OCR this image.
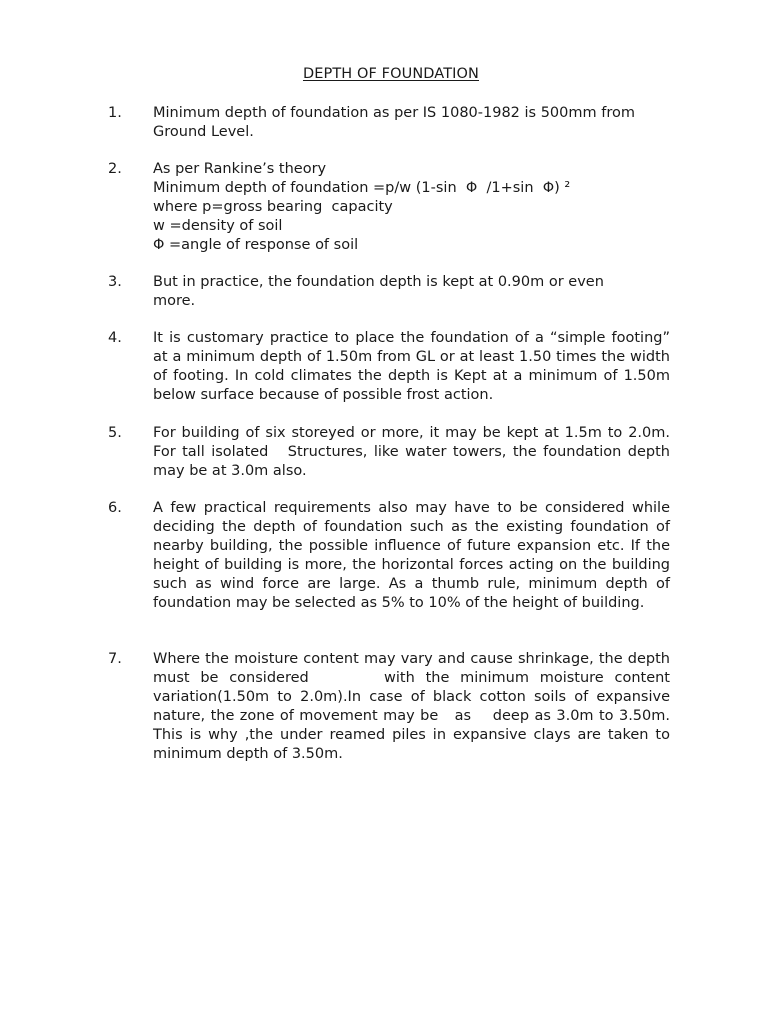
DEPTH OF FOUNDATION
1. Minimum depth of foundation as per IS 1080-1982 is 500mm from Ground Level.
2. As per Rankine’s theory
Minimum depth of foundation =p/w (1-sin  Φ  /1+sin  Φ) ²
where p=gross bearing  capacity
w =density of soil
Φ =angle of response of soil
3. But in practice, the foundation depth is kept at 0.90m or even more.
4. It is customary practice to place the foundation of a “simple footing” at a minimum depth of 1.50m from GL or at least 1.50 times the width of footing. In cold climates the depth is Kept at a minimum of 1.50m below surface because of possible frost action.
5. For building of six storeyed or more, it may be kept at 1.5m to 2.0m. For tall isolated   Structures, like water towers, the foundation depth may be at 3.0m also.
6. A few practical requirements also may have to be considered while deciding the depth of foundation such as the existing foundation of nearby building, the possible influence of future expansion etc. If the height of building is more, the horizontal forces acting on the building such as wind force are large. As a thumb rule, minimum depth of foundation may be selected as 5% to 10% of the height of building.
7. Where the moisture content may vary and cause shrinkage, the depth must be considered       with the minimum moisture content variation(1.50m to 2.0m).In case of black cotton soils of expansive nature, the zone of movement may be   as    deep as 3.0m to 3.50m. This is why ,the under reamed piles in expansive clays are taken to    minimum depth of 3.50m.
